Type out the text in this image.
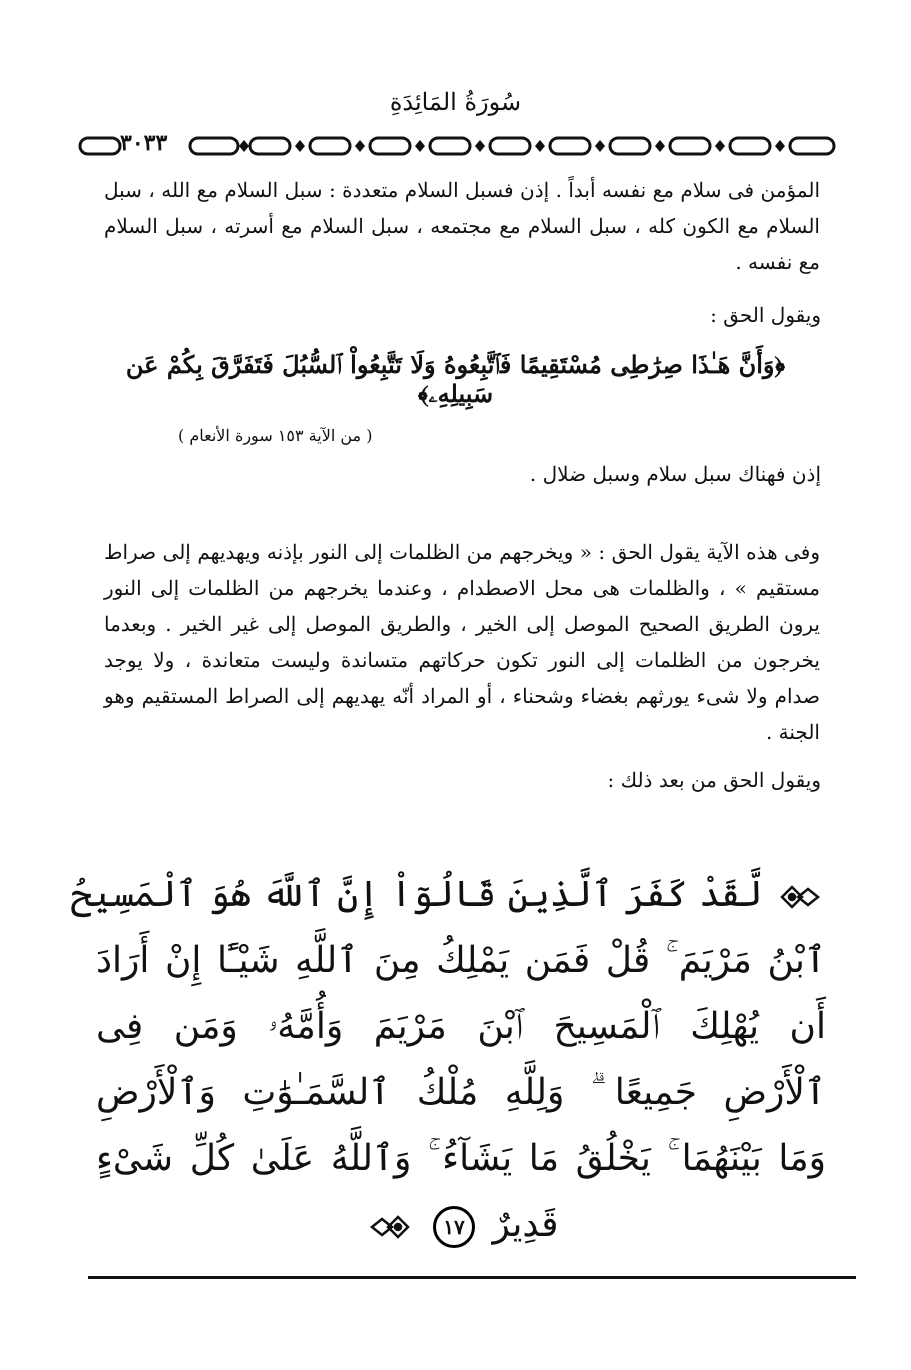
سُورَةُ المَائِدَةِ
٣٠٣٣
المؤمن فى سلام مع نفسه أبداً . إذن فسبل السلام متعددة : سبل السلام مع الله ، سبل السلام مع الكون كله ، سبل السلام مع مجتمعه ، سبل السلام مع أسرته ، سبل السلام مع نفسه .
ويقول الحق :
﴿وَأَنَّ هَـٰذَا صِرَٰطِى مُسْتَقِيمًا فَٱتَّبِعُوهُ وَلَا تَتَّبِعُواْ ٱلسُّبُلَ فَتَفَرَّقَ بِكُمْ عَن سَبِيلِهِۦ﴾
( من الآية ١٥٣ سورة الأنعام )
إذن فهناك سبل سلام وسبل ضلال .
وفى هذه الآية يقول الحق : « ويخرجهم من الظلمات إلى النور بإذنه ويهديهم إلى صراط مستقيم » ، والظلمات هى محل الاصطدام ، وعندما يخرجهم من الظلمات إلى النور يرون الطريق الصحيح الموصل إلى الخير ، والطريق الموصل إلى غير الخير . وبعدما يخرجون من الظلمات إلى النور تكون حركاتهم متساندة وليست متعاندة ، ولا يوجد صدام ولا شىء يورثهم بغضاء وشحناء ، أو المراد أنّه يهديهم إلى الصراط المستقيم وهو الجنة .
ويقول الحق من بعد ذلك :
لَّقَدْ كَفَرَ ٱلَّذِينَ قَالُوٓاْ إِنَّ ٱللَّهَ هُوَ ٱلْمَسِيحُ
ٱبْنُ مَرْيَمَ ۚ قُلْ فَمَن يَمْلِكُ مِنَ ٱللَّهِ شَيْـًٔا إِنْ أَرَادَ
أَن يُهْلِكَ ٱلْمَسِيحَ ٱبْنَ مَرْيَمَ وَأُمَّهُۥ وَمَن فِى
ٱلْأَرْضِ جَمِيعًا ۗ وَلِلَّهِ مُلْكُ ٱلسَّمَـٰوَٰتِ وَٱلْأَرْضِ
وَمَا بَيْنَهُمَا ۚ يَخْلُقُ مَا يَشَآءُ ۚ وَٱللَّهُ عَلَىٰ كُلِّ شَىْءٍ
قَدِيرٌ ١٧
